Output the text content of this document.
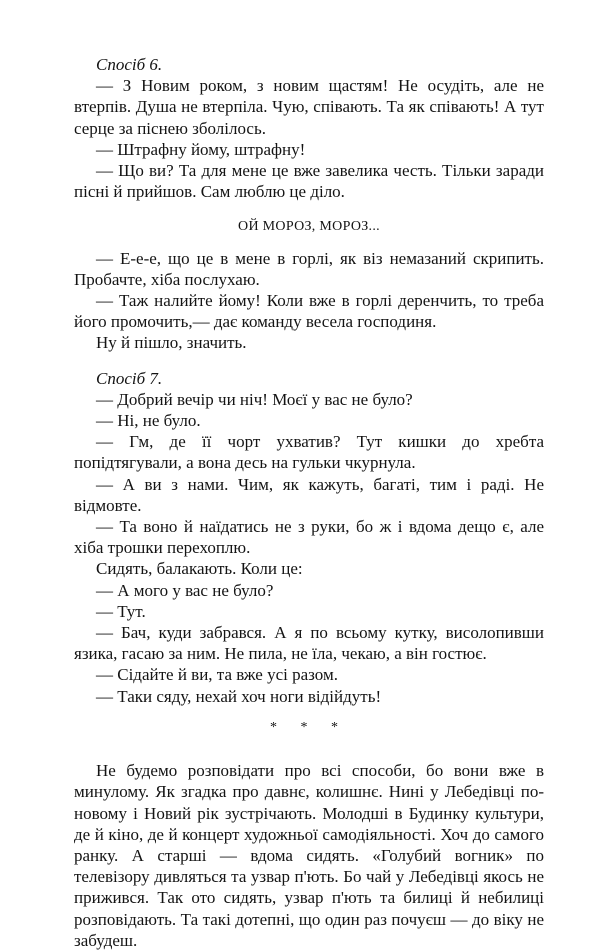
Спосіб 6.

— З Новим роком, з новим щастям! Не осудіть, але не втерпів. Душа не втерпіла. Чую, співають. Та як співають! А тут серце за піснею зболілось.

— Штрафну йому, штрафну!

— Що ви? Та для мене це вже завелика честь. Тільки заради пісні й прийшов. Сам люблю це діло.

ОЙ МОРОЗ, МОРОЗ...

— Е-е-е, що це в мене в горлі, як віз немазаний скрипить. Пробачте, хіба послухаю.

— Таж налийте йому! Коли вже в горлі деренчить, то треба його промочить,— дає команду весела господиня.

Ну й пішло, значить.

Спосіб 7.

— Добрий вечір чи ніч! Моєї у вас не було?

— Ні, не було.

— Гм, де її чорт ухватив? Тут кишки до хребта попідтягували, а вона десь на гульки чкурнула.

— А ви з нами. Чим, як кажуть, багаті, тим і раді. Не відмовте.

— Та воно й наїдатись не з руки, бо ж і вдома дещо є, але хіба трошки перехоплю.

Сидять, балакають. Коли це:

— А мого у вас не було?

— Тут.

— Бач, куди забрався. А я по всьому кутку, висолопивши язика, гасаю за ним. Не пила, не їла, чекаю, а він гостює.

— Сідайте й ви, та вже усі разом.

— Таки сяду, нехай хоч ноги відійдуть!

* * *

Не будемо розповідати про всі способи, бо вони вже в минулому. Як згадка про давнє, колишнє. Нині у Лебедівці по-новому і Новий рік зустрічають. Молодші в Будинку культури, де й кіно, де й концерт художньої самодіяльності. Хоч до самого ранку. А старші — вдома сидять. «Голубий вогник» по телевізору дивляться та узвар п'ють. Бо чай у Лебедівці якось не прижився. Так ото сидять, узвар п'ють та билиці й небилиці розповідають. Та такі дотепні, що один раз почуєш — до віку не забудеш.
